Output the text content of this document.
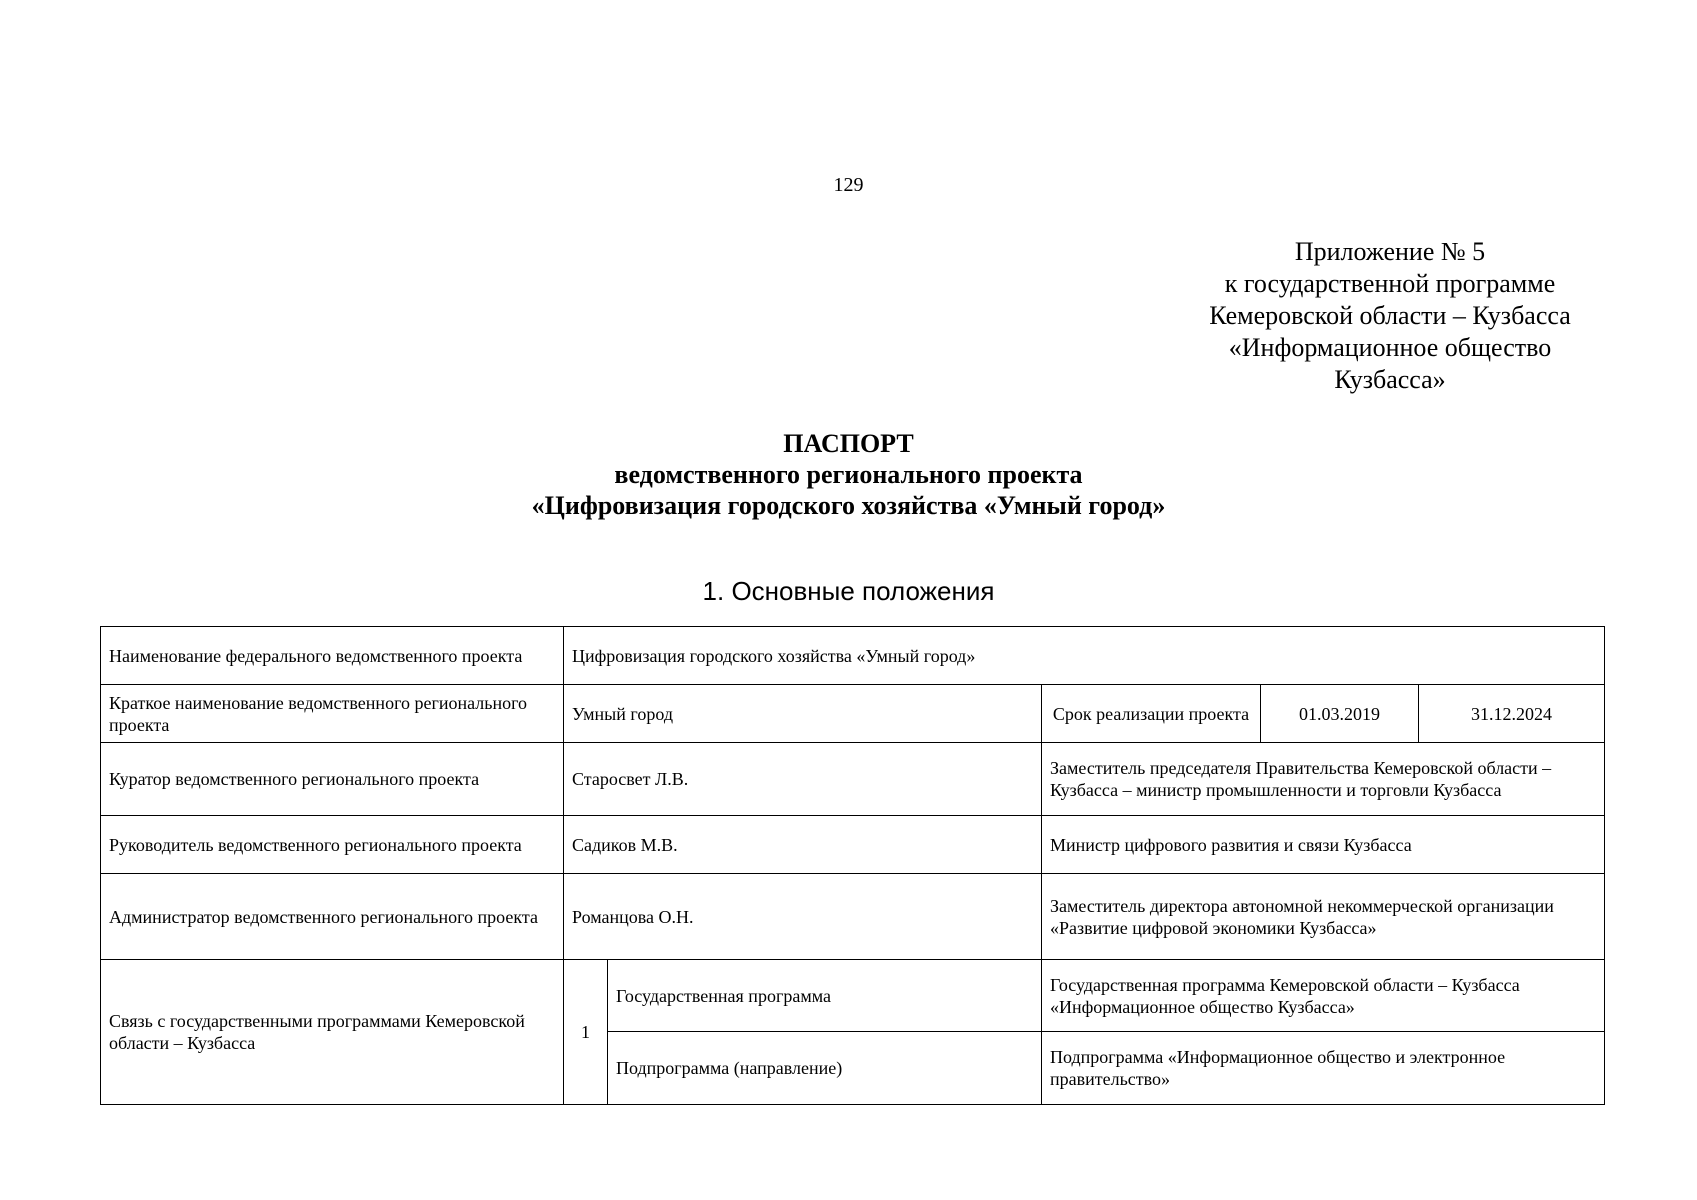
129
Приложение № 5
к государственной программе
Кемеровской области – Кузбасса
«Информационное общество
Кузбасса»
ПАСПОРТ
ведомственного регионального проекта
«Цифровизация городского хозяйства «Умный город»
1. Основные положения
Наименование федерального ведомственного проекта	Цифровизация городского хозяйства «Умный город»				
Краткое наименование ведомственного регионального проекта	Умный город		Срок реализации проекта	01.03.2019	31.12.2024
Куратор ведомственного регионального проекта	Старосвет Л.В.		Заместитель председателя Правительства Кемеровской области – Кузбасса – министр промышленности и торговли Кузбасса		
Руководитель ведомственного регионального проекта	Садиков М.В.		Министр цифрового развития и связи Кузбасса		
Администратор ведомственного регионального проекта	Романцова О.Н.		Заместитель директора автономной некоммерческой организации «Развитие цифровой экономики Кузбасса»		
Связь с государственными программами Кемеровской области – Кузбасса	1	Государственная программа	Государственная программа Кемеровской области – Кузбасса «Информационное общество Кузбасса»		
		Подпрограмма (направление)	Подпрограмма «Информационное общество и электронное правительство»		
